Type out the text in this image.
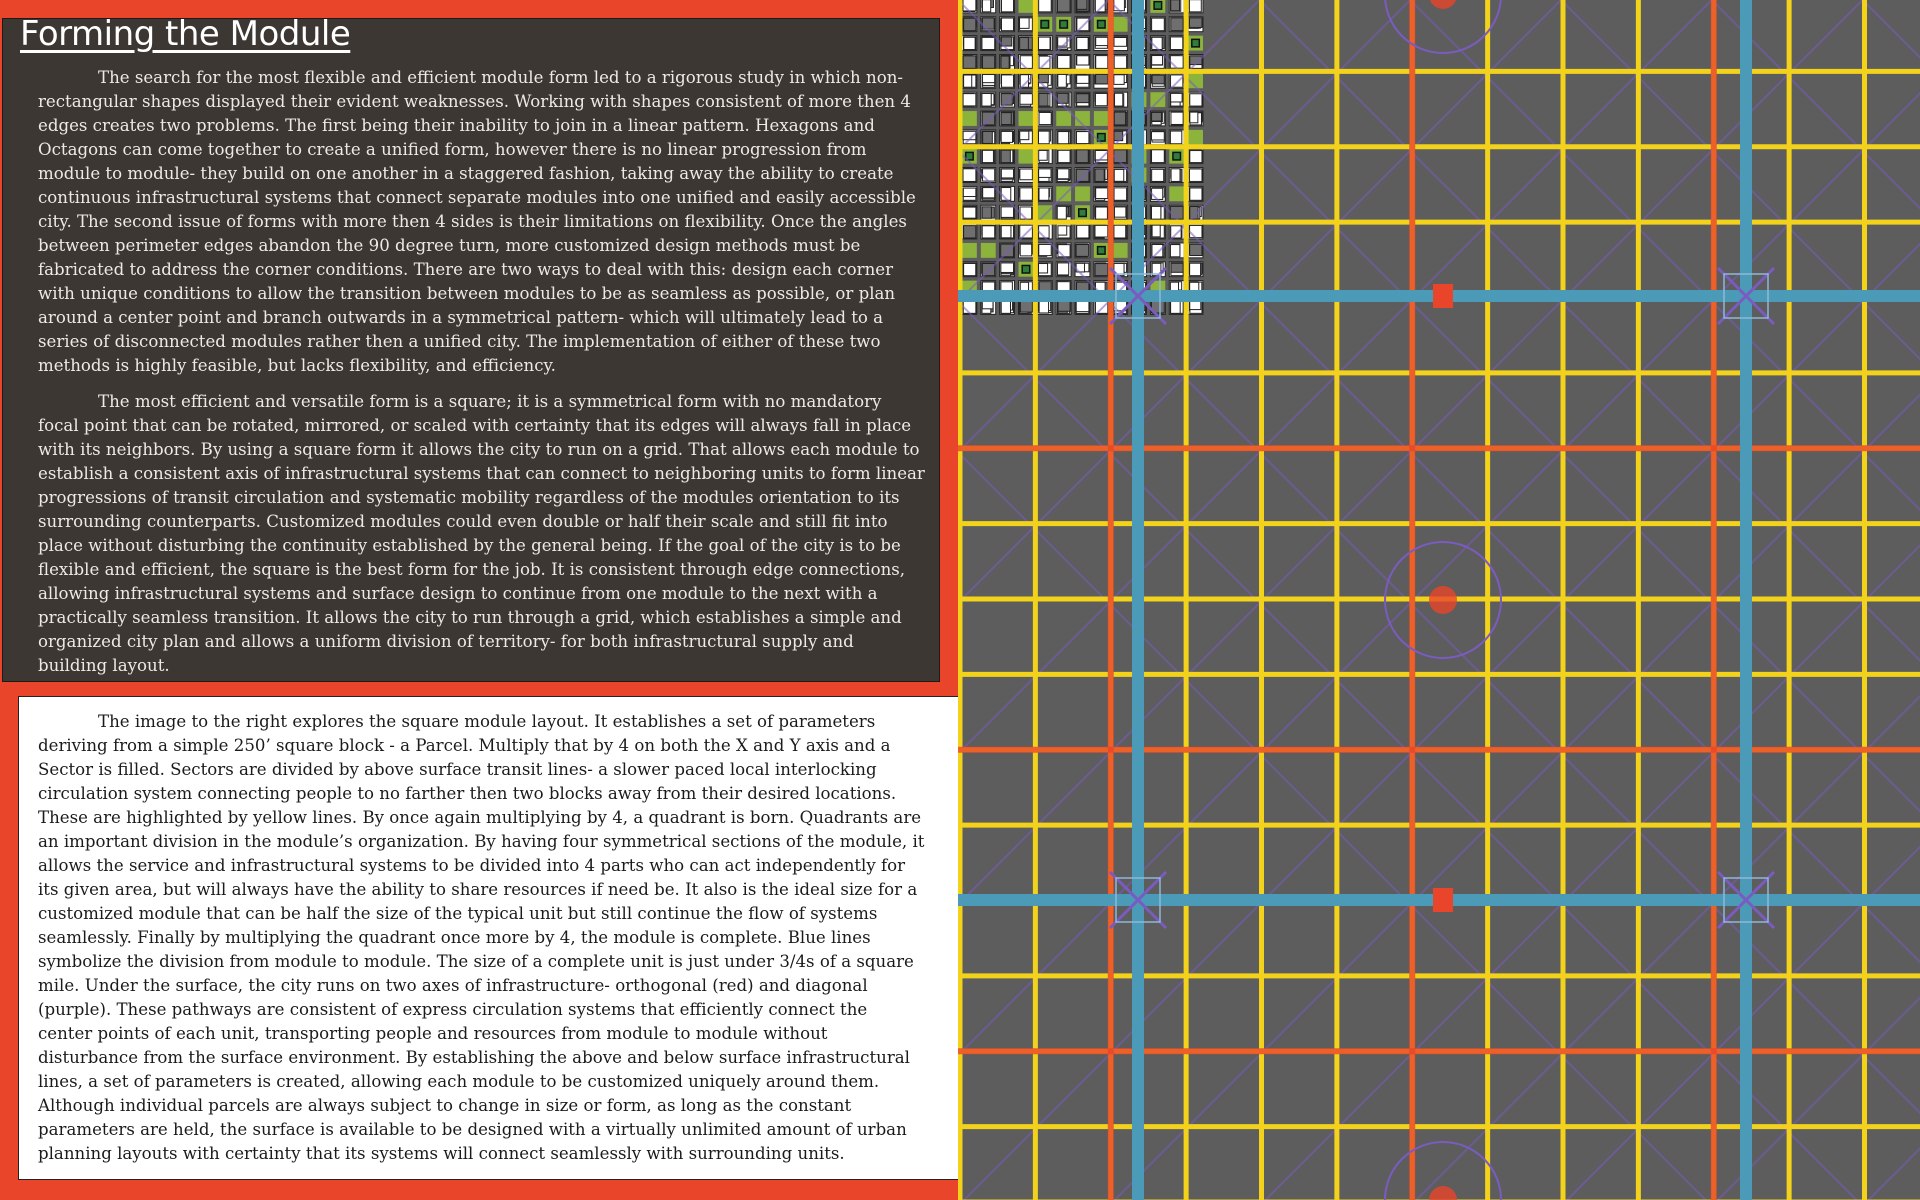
Forming the Module

The search for the most flexible and efficient module form led to a rigorous study in which non-rectangular shapes displayed their evident weaknesses. Working with shapes consistent of more then 4 edges creates two problems. The first being their inability to join in a linear pattern. Hexagons and Octagons can come together to create a unified form, however there is no linear progression from module to module- they build on one another in a staggered fashion, taking away the ability to create continuous infrastructural systems that connect separate modules into one unified and easily accessible city. The second issue of forms with more then 4 sides is their limitations on flexibility. Once the angles between perimeter edges abandon the 90 degree turn, more customized design methods must be fabricated to address the corner conditions. There are two ways to deal with this: design each corner with unique conditions to allow the transition between modules to be as seamless as possible, or plan around a center point and branch outwards in a symmetrical pattern- which will ultimately lead to a series of disconnected modules rather then a unified city. The implementation of either of these two methods is highly feasible, but lacks flexibility, and efficiency.

The most efficient and versatile form is a square; it is a symmetrical form with no mandatory focal point that can be rotated, mirrored, or scaled with certainty that its edges will always fall in place with its neighbors. By using a square form it allows the city to run on a grid. That allows each module to establish a consistent axis of infrastructural systems that can connect to neighboring units to form linear progressions of transit circulation and systematic mobility regardless of the modules orientation to its surrounding counterparts. Customized modules could even double or half their scale and still fit into place without disturbing the continuity established by the general being. If the goal of the city is to be flexible and efficient, the square is the best form for the job. It is consistent through edge connections, allowing infrastructural systems and surface design to continue from one module to the next with a practically seamless transition. It allows the city to run through a grid, which establishes a simple and organized city plan and allows a uniform division of territory- for both infrastructural supply and building layout.

The image to the right explores the square module layout. It establishes a set of parameters deriving from a simple 250’ square block - a Parcel. Multiply that by 4 on both the X and Y axis and a Sector is filled. Sectors are divided by above surface transit lines- a slower paced local interlocking circulation system connecting people to no farther then two blocks away from their desired locations. These are highlighted by yellow lines. By once again multiplying by 4, a quadrant is born. Quadrants are an important division in the module’s organization. By having four symmetrical sections of the module, it allows the service and infrastructural systems to be divided into 4 parts who can act independently for its given area, but will always have the ability to share resources if need be. It also is the ideal size for a customized module that can be half the size of the typical unit but still continue the flow of systems seamlessly. Finally by multiplying the quadrant once more by 4, the module is complete. Blue lines symbolize the division from module to module. The size of a complete unit is just under 3/4s of a square mile. Under the surface, the city runs on two axes of infrastructure- orthogonal (red) and diagonal (purple). These pathways are consistent of express circulation systems that efficiently connect the center points of each unit, transporting people and resources from module to module without disturbance from the surface environment. By establishing the above and below surface infrastructural lines, a set of parameters is created, allowing each module to be customized uniquely around them. Although individual parcels are always subject to change in size or form, as long as the constant parameters are held, the surface is available to be designed with a virtually unlimited amount of urban planning layouts with certainty that its systems will connect seamlessly with surrounding units.
